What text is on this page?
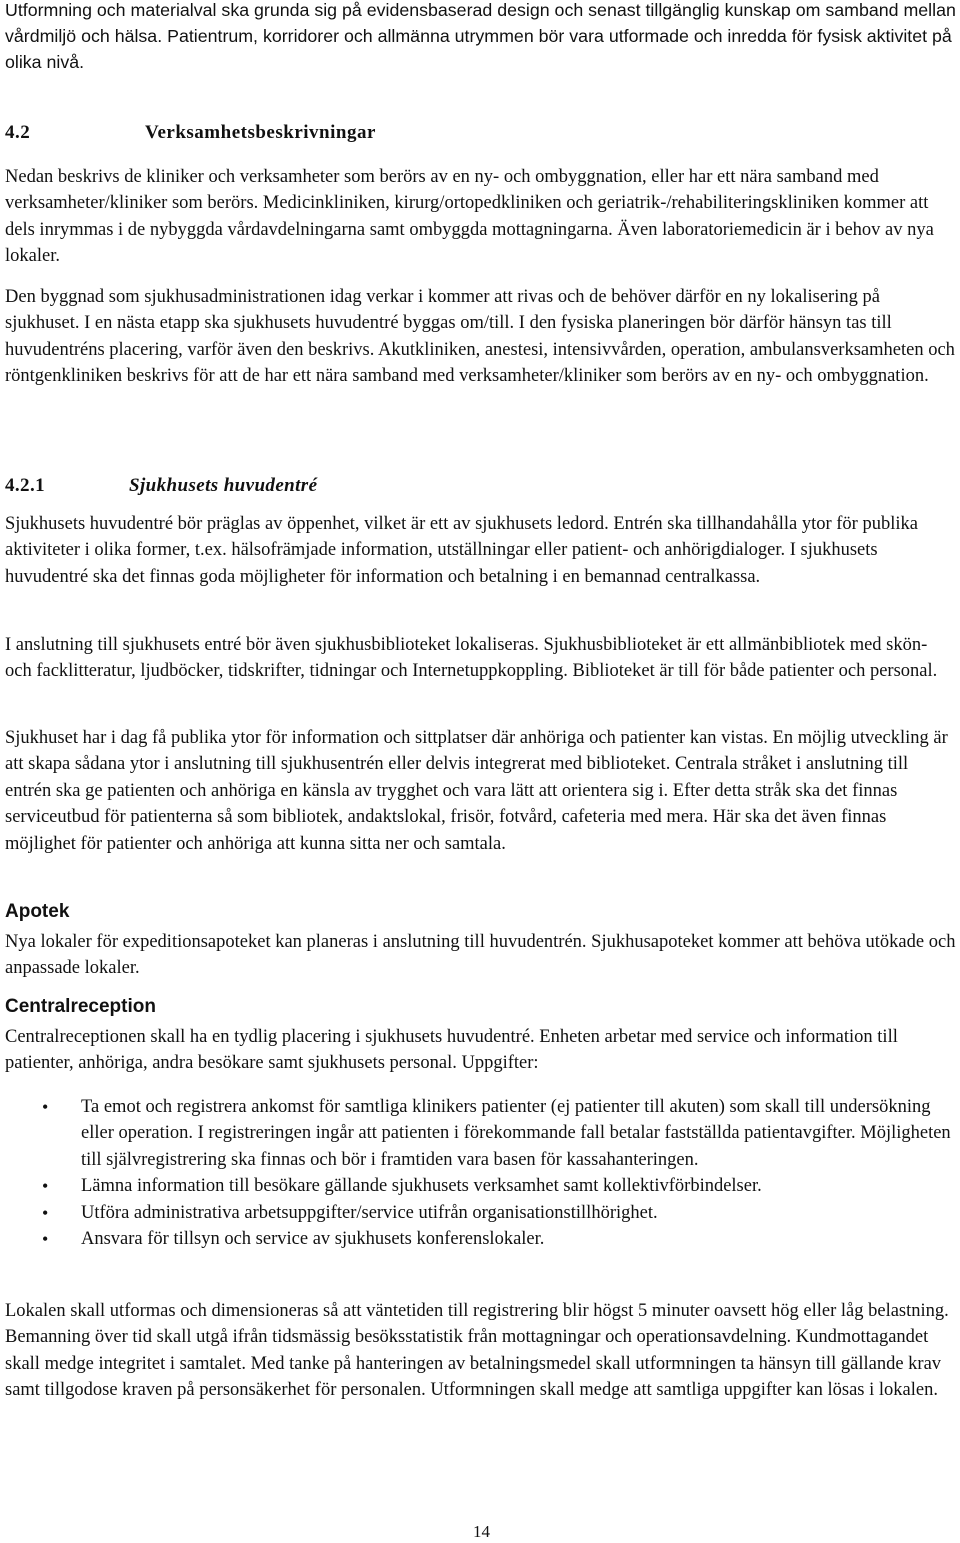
Utformning och materialval ska grunda sig på evidensbaserad design och senast tillgänglig kunskap om samband mellan vårdmiljö och hälsa. Patientrum, korridorer och allmänna utrymmen bör vara utformade och inredda för fysisk aktivitet på olika nivå.

4.2	Verksamhetsbeskrivningar

Nedan beskrivs de kliniker och verksamheter som berörs av en ny- och ombyggnation, eller har ett nära samband med verksamheter/kliniker som berörs. Medicinkliniken, kirurg/ortopedkliniken och geriatrik-/rehabiliteringskliniken kommer att dels inrymmas i de nybyggda vårdavdelningarna samt ombyggda mottagningarna. Även laboratoriemedicin är i behov av nya lokaler.

Den byggnad som sjukhusadministrationen idag verkar i kommer att rivas och de behöver därför en ny lokalisering på sjukhuset. I en nästa etapp ska sjukhusets huvudentré byggas om/till. I den fysiska planeringen bör därför hänsyn tas till huvudentréns placering, varför även den beskrivs. Akutkliniken, anestesi, intensivvården, operation, ambulansverksamheten och röntgenkliniken beskrivs för att de har ett nära samband med verksamheter/kliniker som berörs av en ny- och ombyggnation.

4.2.1	Sjukhusets huvudentré

Sjukhusets huvudentré bör präglas av öppenhet, vilket är ett av sjukhusets ledord. Entrén ska tillhandahålla ytor för publika aktiviteter i olika former, t.ex. hälsofrämjade information, utställningar eller patient- och anhörigdialoger. I sjukhusets huvudentré ska det finnas goda möjligheter för information och betalning i en bemannad centralkassa.

I anslutning till sjukhusets entré bör även sjukhusbiblioteket lokaliseras. Sjukhusbiblioteket är ett allmänbibliotek med skön- och facklitteratur, ljudböcker, tidskrifter, tidningar och Internetuppkoppling. Biblioteket är till för både patienter och personal.

Sjukhuset har i dag få publika ytor för information och sittplatser där anhöriga och patienter kan vistas. En möjlig utveckling är att skapa sådana ytor i anslutning till sjukhusentrén eller delvis integrerat med biblioteket. Centrala stråket i anslutning till entrén ska ge patienten och anhöriga en känsla av trygghet och vara lätt att orientera sig i. Efter detta stråk ska det finnas serviceutbud för patienterna så som bibliotek, andaktslokal, frisör, fotvård, cafeteria med mera. Här ska det även finnas möjlighet för patienter och anhöriga att kunna sitta ner och samtala.

Apotek

Nya lokaler för expeditionsapoteket kan planeras i anslutning till huvudentrén. Sjukhusapoteket kommer att behöva utökade och anpassade lokaler.

Centralreception

Centralreceptionen skall ha en tydlig placering i sjukhusets huvudentré. Enheten arbetar med service och information till patienter, anhöriga, andra besökare samt sjukhusets personal. Uppgifter:

• Ta emot och registrera ankomst för samtliga klinikers patienter (ej patienter till akuten) som skall till undersökning eller operation. I registreringen ingår att patienten i förekommande fall betalar fastställda patientavgifter. Möjligheten till självregistrering ska finnas och bör i framtiden vara basen för kassahanteringen.
• Lämna information till besökare gällande sjukhusets verksamhet samt kollektivförbindelser.
• Utföra administrativa arbetsuppgifter/service utifrån organisationstillhörighet.
• Ansvara för tillsyn och service av sjukhusets konferenslokaler.

Lokalen skall utformas och dimensioneras så att väntetiden till registrering blir högst 5 minuter oavsett hög eller låg belastning. Bemanning över tid skall utgå ifrån tidsmässig besöksstatistik från mottagningar och operationsavdelning. Kundmottagandet skall medge integritet i samtalet. Med tanke på hanteringen av betalningsmedel skall utformningen ta hänsyn till gällande krav samt tillgodose kraven på personsäkerhet för personalen. Utformningen skall medge att samtliga uppgifter kan lösas i lokalen.

14
